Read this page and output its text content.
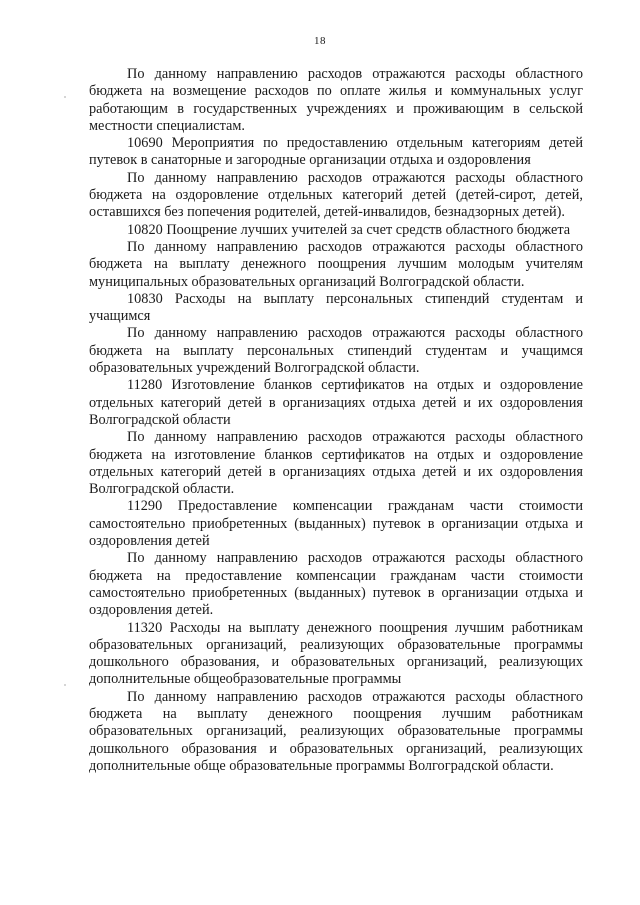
18

По данному направлению расходов отражаются расходы областного бюджета на возмещение расходов по оплате жилья и коммунальных услуг работающим в государственных учреждениях и проживающим в сельской местности специалистам.

10690 Мероприятия по предоставлению отдельным категориям детей путевок в санаторные и загородные организации отдыха и оздоровления

По данному направлению расходов отражаются расходы областного бюджета на оздоровление отдельных категорий детей (детей-сирот, детей, оставшихся без попечения родителей, детей-инвалидов, безнадзорных детей).

10820 Поощрение лучших учителей за счет средств областного бюджета

По данному направлению расходов отражаются расходы областного бюджета на выплату денежного поощрения лучшим молодым учителям муниципальных образовательных организаций Волгоградской области.

10830 Расходы на выплату персональных стипендий студентам и учащимся

По данному направлению расходов отражаются расходы областного бюджета на выплату персональных стипендий студентам и учащимся образовательных учреждений Волгоградской области.

11280 Изготовление бланков сертификатов на отдых и оздоровление отдельных категорий детей в организациях отдыха детей и их оздоровления Волгоградской области

По данному направлению расходов отражаются расходы областного бюджета на изготовление бланков сертификатов на отдых и оздоровление отдельных категорий детей в организациях отдыха детей и их оздоровления Волгоградской области.

11290 Предоставление компенсации гражданам части стоимости самостоятельно приобретенных (выданных) путевок в организации отдыха и оздоровления детей

По данному направлению расходов отражаются расходы областного бюджета на предоставление компенсации гражданам части стоимости самостоятельно приобретенных (выданных) путевок в организации отдыха и оздоровления детей.

11320 Расходы на выплату денежного поощрения лучшим работникам образовательных организаций, реализующих образовательные программы дошкольного образования, и образовательных организаций, реализующих дополнительные общеобразовательные программы

По данному направлению расходов отражаются расходы областного бюджета на выплату денежного поощрения лучшим работникам образовательных организаций, реализующих образовательные программы дошкольного образования и образовательных организаций, реализующих дополнительные обще образовательные программы Волгоградской области.
